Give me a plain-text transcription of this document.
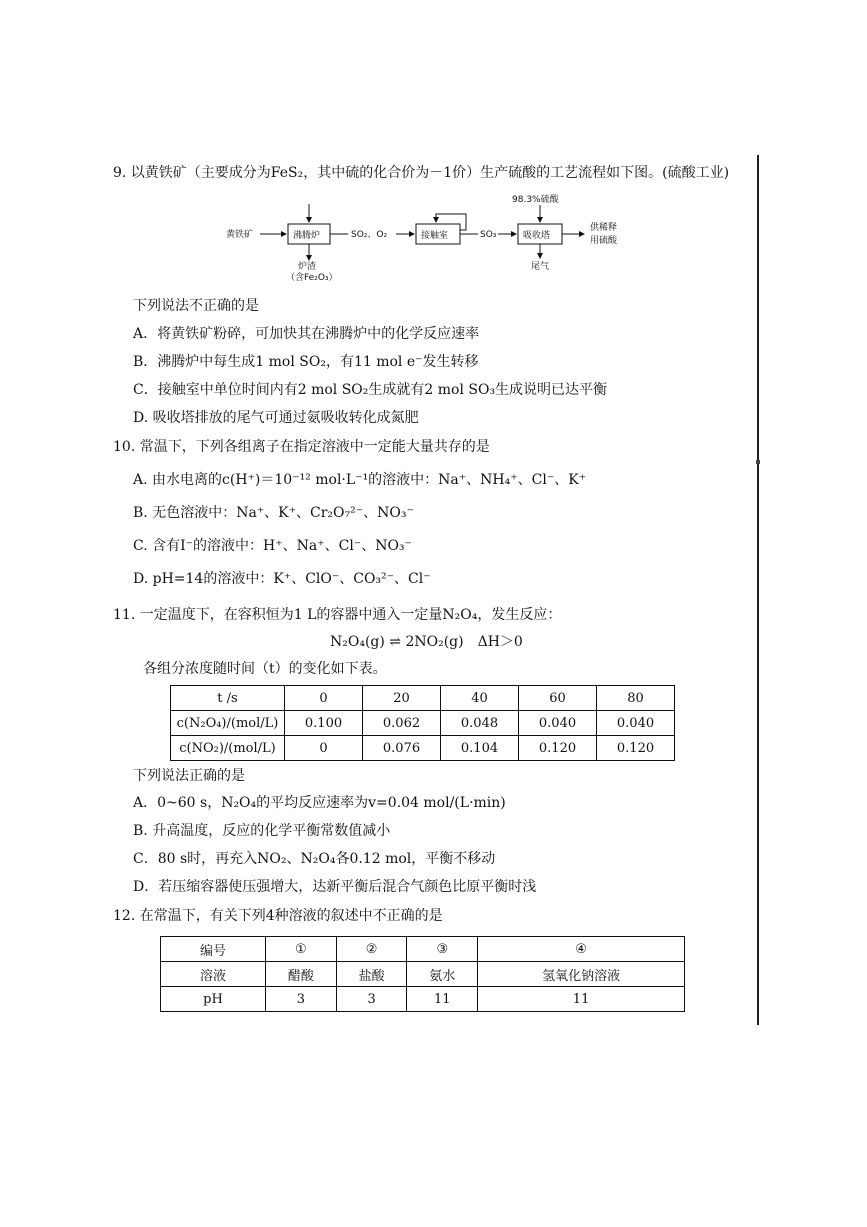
9. 以黄铁矿（主要成分为FeS₂，其中硫的化合价为－1价）生产硫酸的工艺流程如下图。(硫酸工业)
黄铁矿	沸腾炉
炉渣
（含Fe₂O₃）
SO₂、O₂	接触室	SO₃	吸收塔
98.3%硫酸
尾气
供稀释
用硫酸
下列说法不正确的是
A．将黄铁矿粉碎，可加快其在沸腾炉中的化学反应速率
B．沸腾炉中每生成1 mol SO₂，有11 mol e⁻发生转移
C．接触室中单位时间内有2 mol SO₂生成就有2 mol SO₃生成说明已达平衡
D. 吸收塔排放的尾气可通过氨吸收转化成氮肥
10. 常温下，下列各组离子在指定溶液中一定能大量共存的是
A. 由水电离的c(H⁺)＝10⁻¹² mol·L⁻¹的溶液中：Na⁺、NH₄⁺、Cl⁻、K⁺
B. 无色溶液中：Na⁺、K⁺、Cr₂O₇²⁻、NO₃⁻
C. 含有I⁻的溶液中：H⁺、Na⁺、Cl⁻、NO₃⁻
D. pH=14的溶液中：K⁺、ClO⁻、CO₃²⁻、Cl⁻
11. 一定温度下，在容积恒为1 L的容器中通入一定量N₂O₄，发生反应：
N₂O₄(g) ⇌ 2NO₂(g)　ΔH＞0
各组分浓度随时间（t）的变化如下表。
t /s	0	20	40	60	80
c(N₂O₄)/(mol/L)	0.100	0.062	0.048	0.040	0.040
c(NO₂)/(mol/L)	0	0.076	0.104	0.120	0.120
下列说法正确的是
A．0~60 s，N₂O₄的平均反应速率为v=0.04 mol/(L·min)
B. 升高温度，反应的化学平衡常数值减小
C．80 s时，再充入NO₂、N₂O₄各0.12 mol，平衡不移动
D．若压缩容器使压强增大，达新平衡后混合气颜色比原平衡时浅
12. 在常温下，有关下列4种溶液的叙述中不正确的是
编号	①	②	③	④
溶液	醋酸	盐酸	氨水	氢氧化钠溶液
pH	3	3	11	11
